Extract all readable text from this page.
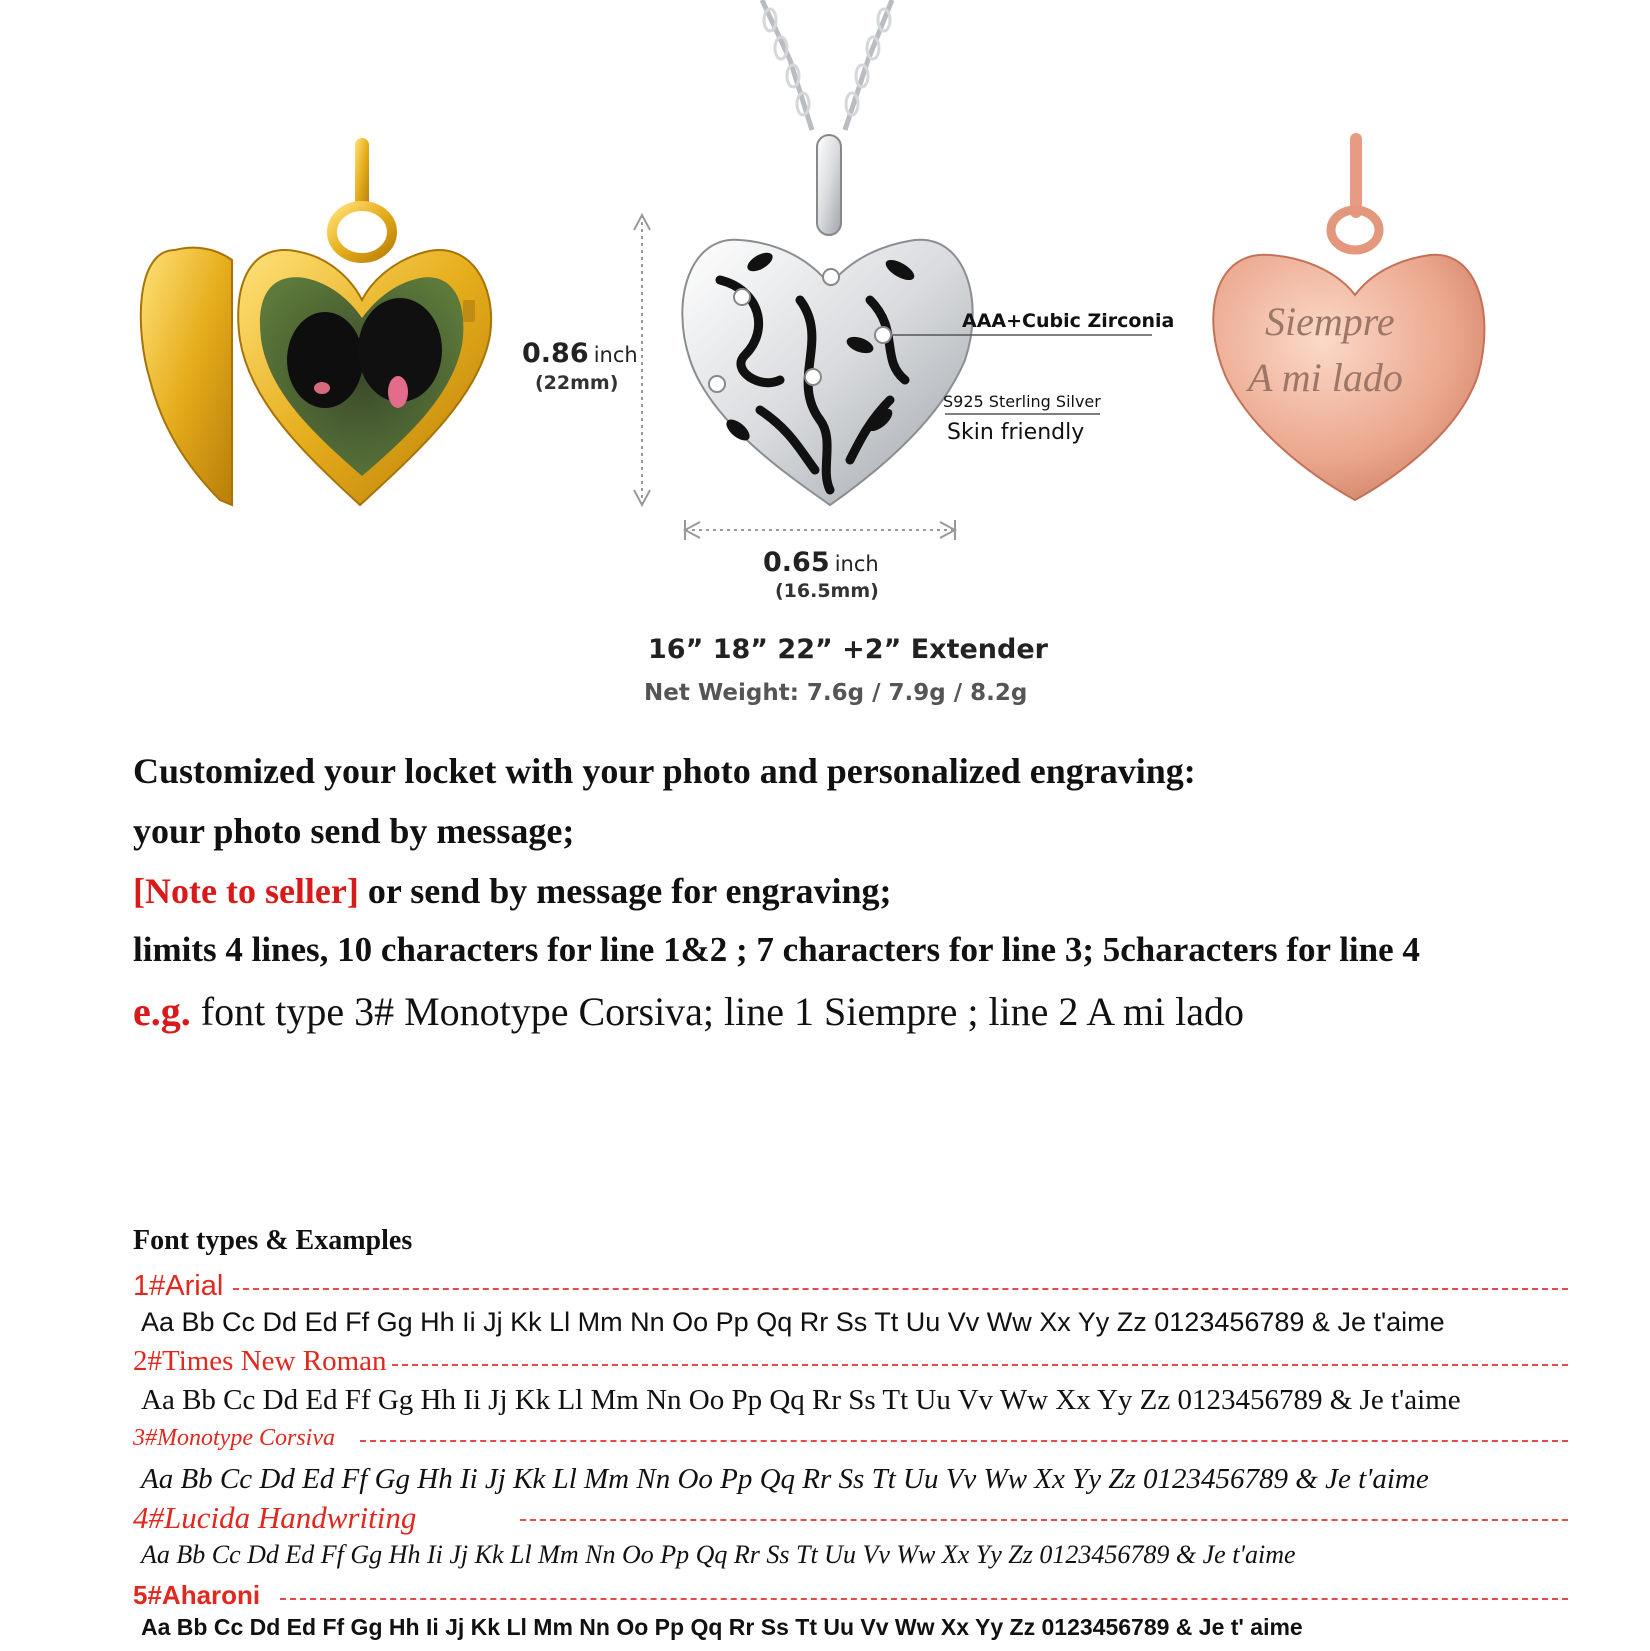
0.86 inch
(22mm)
AAA+Cubic Zirconia
S925 Sterling Silver
Skin friendly
Siempre
A mi lado
0.65 inch
(16.5mm)
16” 18” 22” +2” Extender
Net Weight: 7.6g / 7.9g / 8.2g
Customized your locket with your photo and personalized engraving:
your photo send by message;
[Note to seller] or send by message for engraving;
limits 4 lines, 10 characters for line 1&2 ; 7 characters for line 3; 5characters for line 4
e.g. font type 3# Monotype Corsiva; line 1 Siempre ; line 2 A mi lado
Font types & Examples
1#Arial
Aa Bb Cc Dd Ed Ff Gg Hh Ii Jj Kk Ll Mm Nn Oo Pp Qq Rr Ss Tt Uu Vv Ww Xx Yy Zz 0123456789 & Je t'aime
2#Times New Roman
Aa Bb Cc Dd Ed Ff Gg Hh Ii Jj Kk Ll Mm Nn Oo Pp Qq Rr Ss Tt Uu Vv Ww Xx Yy Zz 0123456789 & Je t'aime
3#Monotype Corsiva
Aa Bb Cc Dd Ed Ff Gg Hh Ii Jj Kk Ll Mm Nn Oo Pp Qq Rr Ss Tt Uu Vv Ww Xx Yy Zz 0123456789 & Je t'aime
4#Lucida Handwriting
Aa Bb Cc Dd Ed Ff Gg Hh Ii Jj Kk Ll Mm Nn Oo Pp Qq Rr Ss Tt Uu Vv Ww Xx Yy Zz 0123456789 & Je t'aime
5#Aharoni
Aa Bb Cc Dd Ed Ff Gg Hh Ii Jj Kk Ll Mm Nn Oo Pp Qq Rr Ss Tt Uu Vv Ww Xx Yy Zz 0123456789 & Je t' aime
